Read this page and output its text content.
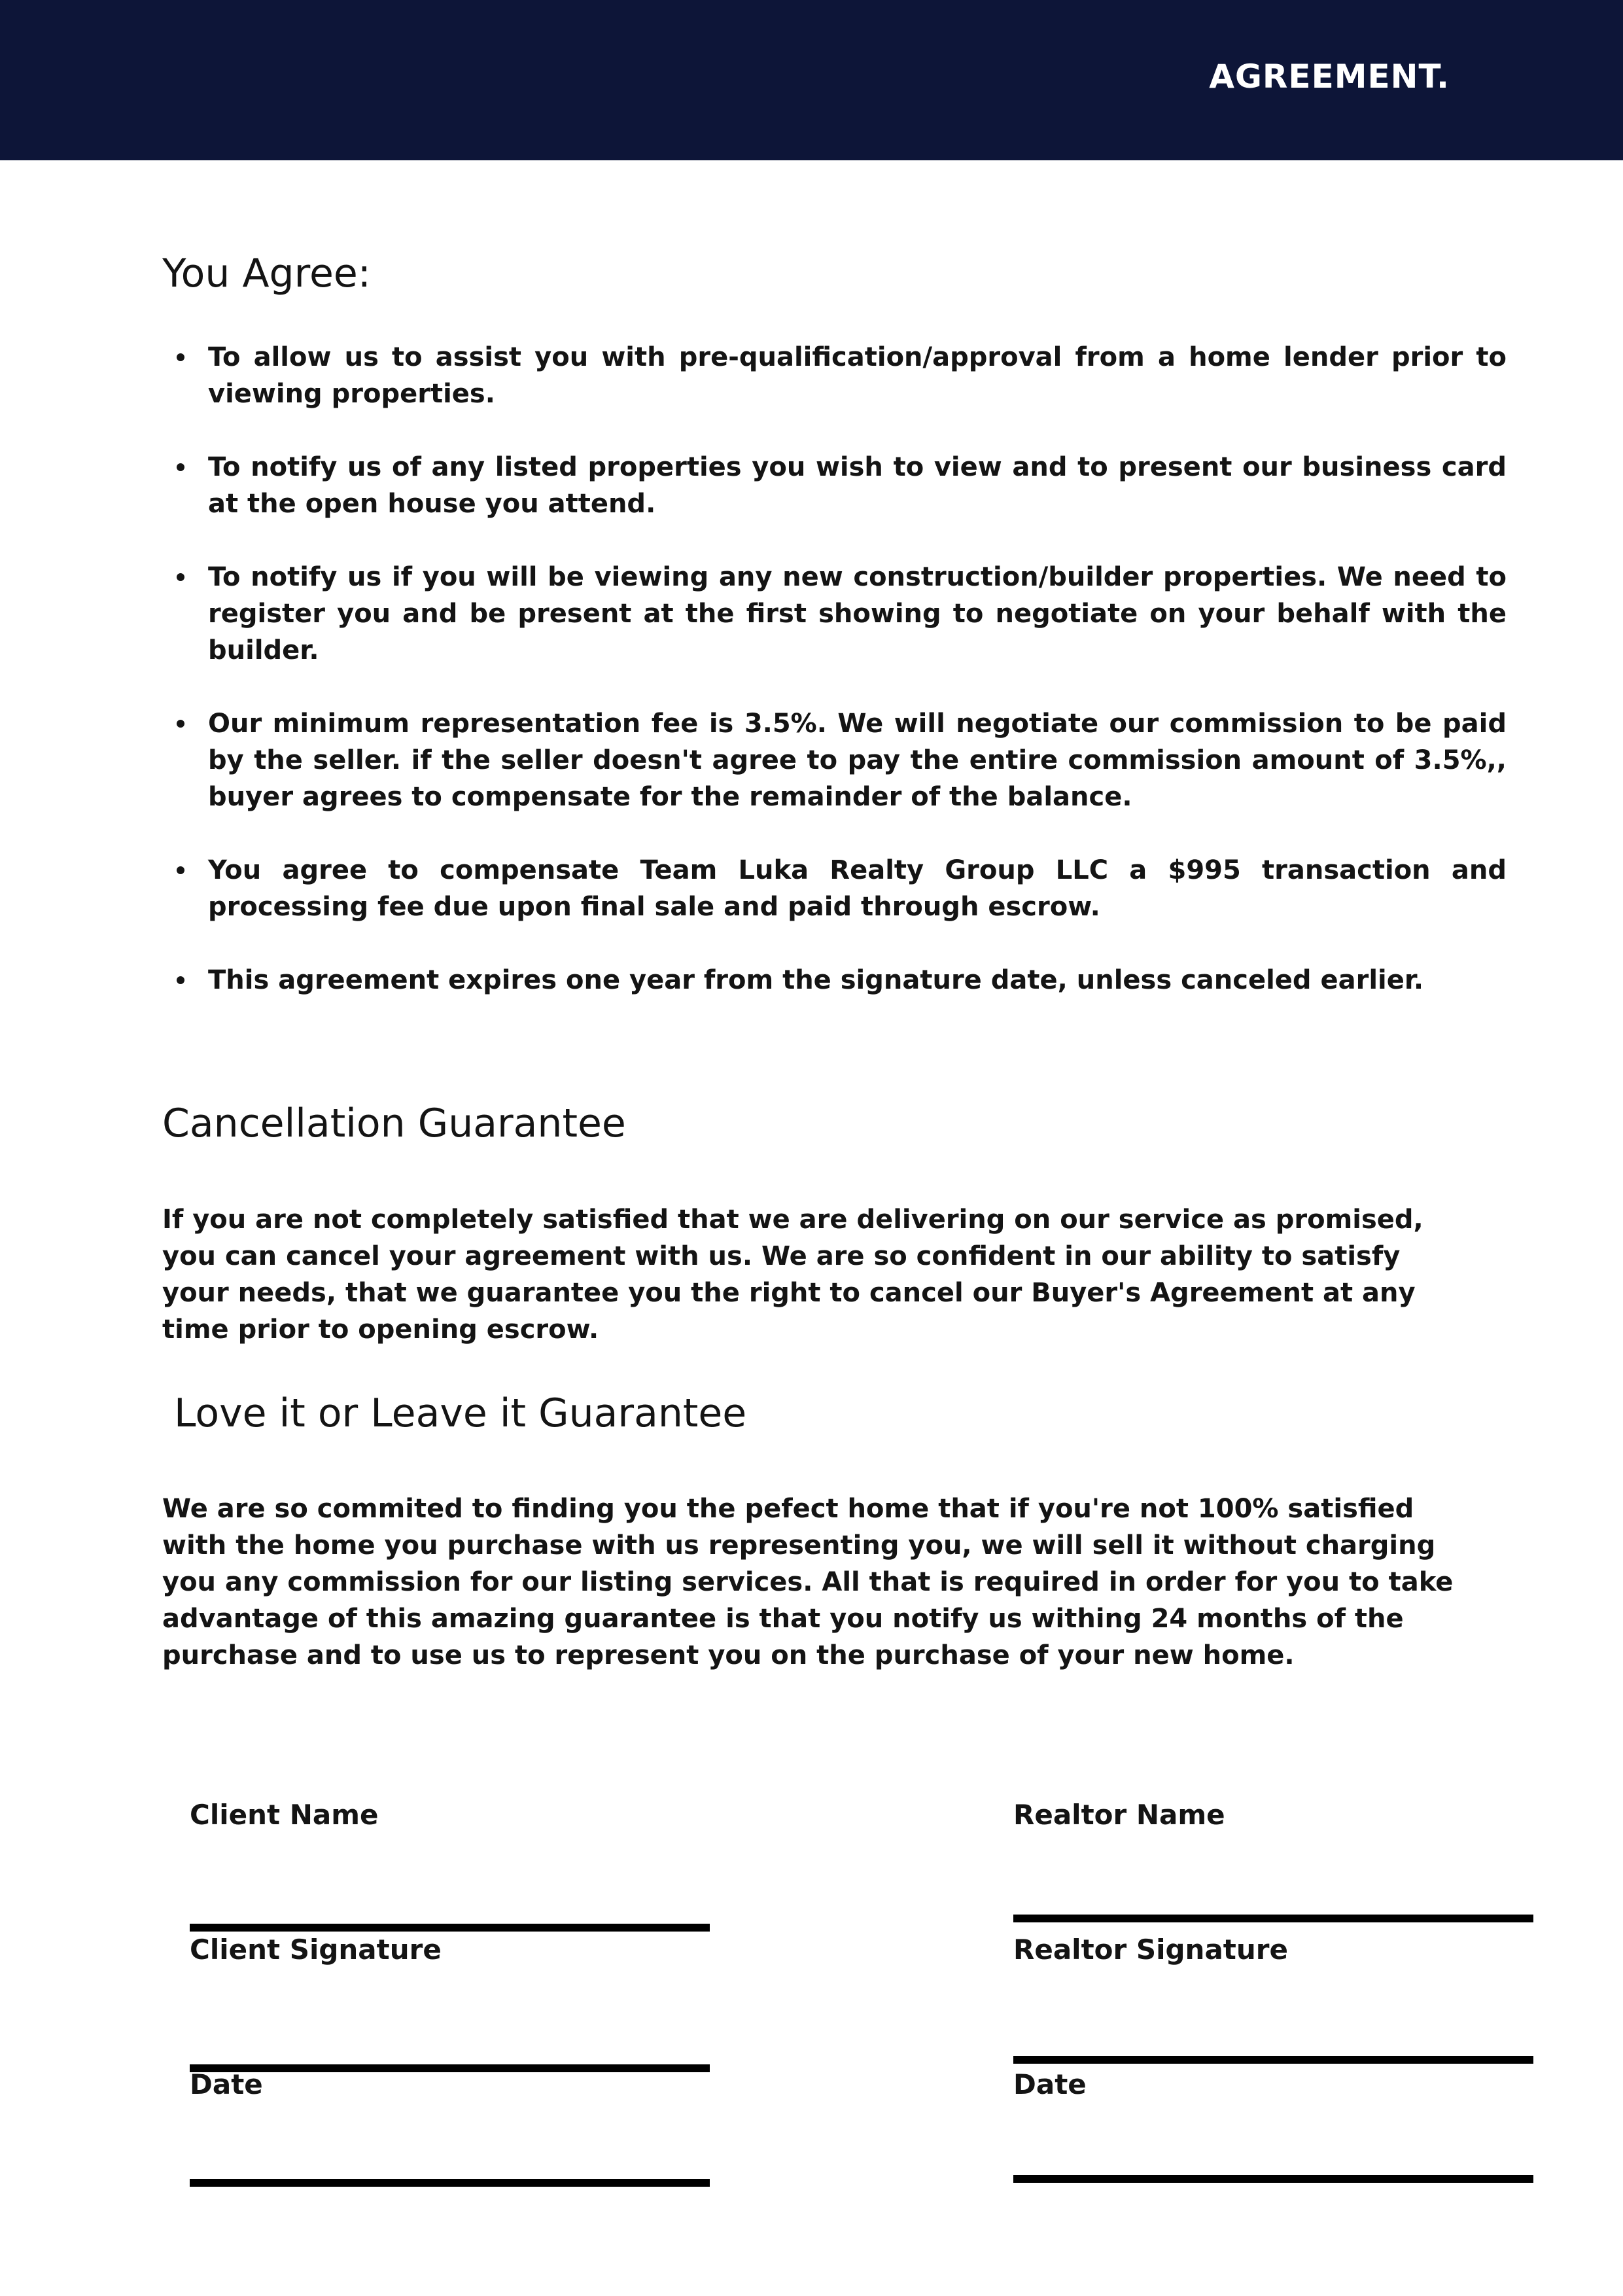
AGREEMENT.
You Agree:
To allow us to assist you with pre-qualification/approval from a home lender prior to viewing properties.
To notify us of any listed properties you wish to view and to present our business card at the open house you attend.
To notify us if you will be viewing any new construction/builder properties. We need to register you and be present at the first showing to negotiate on your behalf with the builder.
Our minimum representation fee is 3.5%. We will negotiate our commission to be paid by the seller. if the seller doesn't agree to pay the entire commission amount of 3.5%,, buyer agrees to compensate for the remainder of the balance.
You agree to compensate Team Luka Realty Group LLC a $995 transaction and processing fee due upon final sale and paid through escrow.
This agreement expires one year from the signature date, unless canceled earlier.
Cancellation Guarantee

If you are not completely satisfied that we are delivering on our service as promised, you can cancel your agreement with us. We are so confident in our ability to satisfy your needs, that we guarantee you the right to cancel our Buyer's Agreement at any time prior to opening escrow.

Love it or Leave it Guarantee

We are so commited to finding you the pefect home that if you're not 100% satisfied with the home you purchase with us representing you, we will sell it without charging you any commission for our listing services. All that is required in order for you to take advantage of this amazing guarantee is that you notify us withing 24 months of the purchase and to use us to represent you on the purchase of your new home.

Client Name
Client Signature
Date
Realtor Name
Realtor Signature
Date
